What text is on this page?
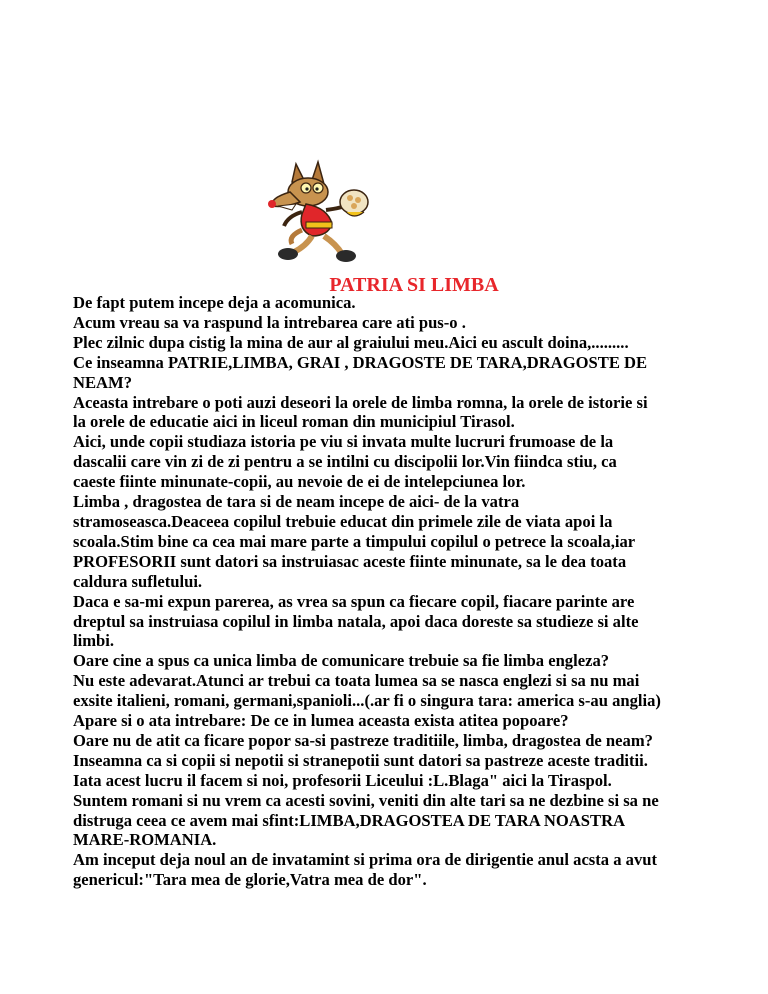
PATRIA SI LIMBA
De fapt putem incepe deja a acomunica.
Acum vreau sa va raspund la intrebarea care ati pus-o .
Plec zilnic dupa cistig la mina de aur al graiului meu.Aici eu ascult doina,.........
Ce inseamna PATRIE,LIMBA, GRAI , DRAGOSTE DE TARA,DRAGOSTE DE
NEAM?
Aceasta intrebare o poti auzi deseori la orele de limba romna, la orele de istorie si
la orele de educatie aici in liceul roman din municipiul Tirasol.
Aici, unde copii studiaza istoria pe viu si invata multe lucruri frumoase de la
dascalii care vin zi de zi pentru a se intilni cu discipolii lor.Vin fiindca stiu, ca
caeste fiinte minunate-copii, au nevoie de ei de intelepciunea lor.
Limba , dragostea de tara si de neam incepe de aici- de la vatra
stramoseasca.Deaceea copilul trebuie educat din primele zile de viata apoi la
scoala.Stim bine ca cea mai mare parte a timpului copilul o petrece la scoala,iar
PROFESORII sunt datori sa instruiasac aceste fiinte minunate, sa le dea toata
caldura sufletului.
Daca e sa-mi expun parerea, as vrea sa spun ca fiecare copil, fiacare parinte are
dreptul sa instruiasa copilul in limba natala, apoi daca doreste sa studieze si alte
limbi.
Oare cine a spus ca unica limba de comunicare trebuie sa fie limba engleza?
Nu este adevarat.Atunci ar trebui ca toata lumea sa se nasca englezi si sa nu mai
exsite italieni, romani, germani,spanioli...(.ar fi o singura tara: america s-au anglia)
Apare si o ata intrebare: De ce in lumea aceasta exista atitea popoare?
Oare nu de atit ca ficare popor sa-si pastreze traditiile, limba, dragostea de neam?
Inseamna ca si copii si nepotii si stranepotii sunt datori sa pastreze aceste traditii.
Iata acest lucru il facem si noi, profesorii Liceului :L.Blaga" aici la Tiraspol.
Suntem romani si nu vrem ca acesti sovini, veniti din alte tari sa ne dezbine si sa ne
distruga ceea ce avem mai sfint:LIMBA,DRAGOSTEA DE TARA NOASTRA
MARE-ROMANIA.
Am inceput deja noul an de invatamint si prima ora de dirigentie anul acsta a avut
genericul:"Tara mea de glorie,Vatra mea de dor".
